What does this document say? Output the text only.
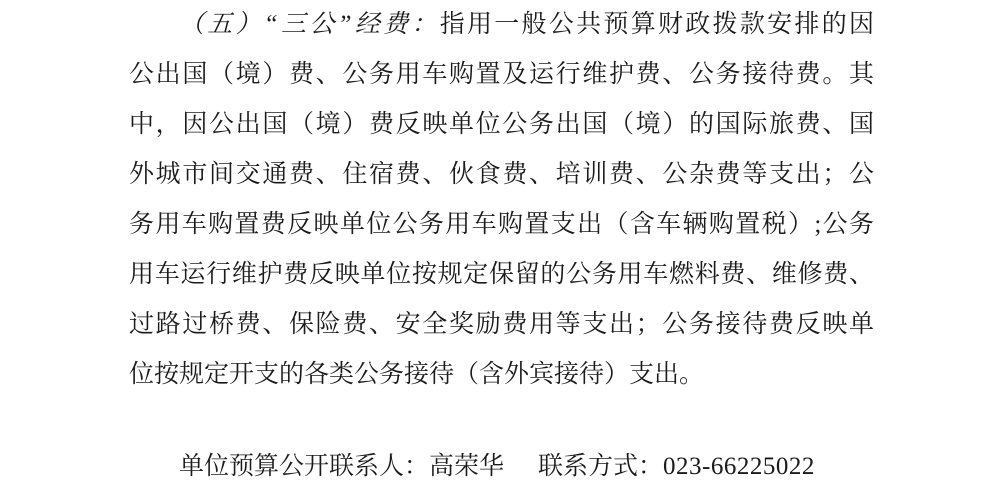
（五）“三公”经费：指用一般公共预算财政拨款安排的因
公出国（境）费、公务用车购置及运行维护费、公务接待费。其
中，因公出国（境）费反映单位公务出国（境）的国际旅费、国
外城市间交通费、住宿费、伙食费、培训费、公杂费等支出；公
务用车购置费反映单位公务用车购置支出（含车辆购置税）;公务
用车运行维护费反映单位按规定保留的公务用车燃料费、维修费、
过路过桥费、保险费、安全奖励费用等支出；公务接待费反映单
位按规定开支的各类公务接待（含外宾接待）支出。
单位预算公开联系人：高荣华 联系方式：023-66225022
